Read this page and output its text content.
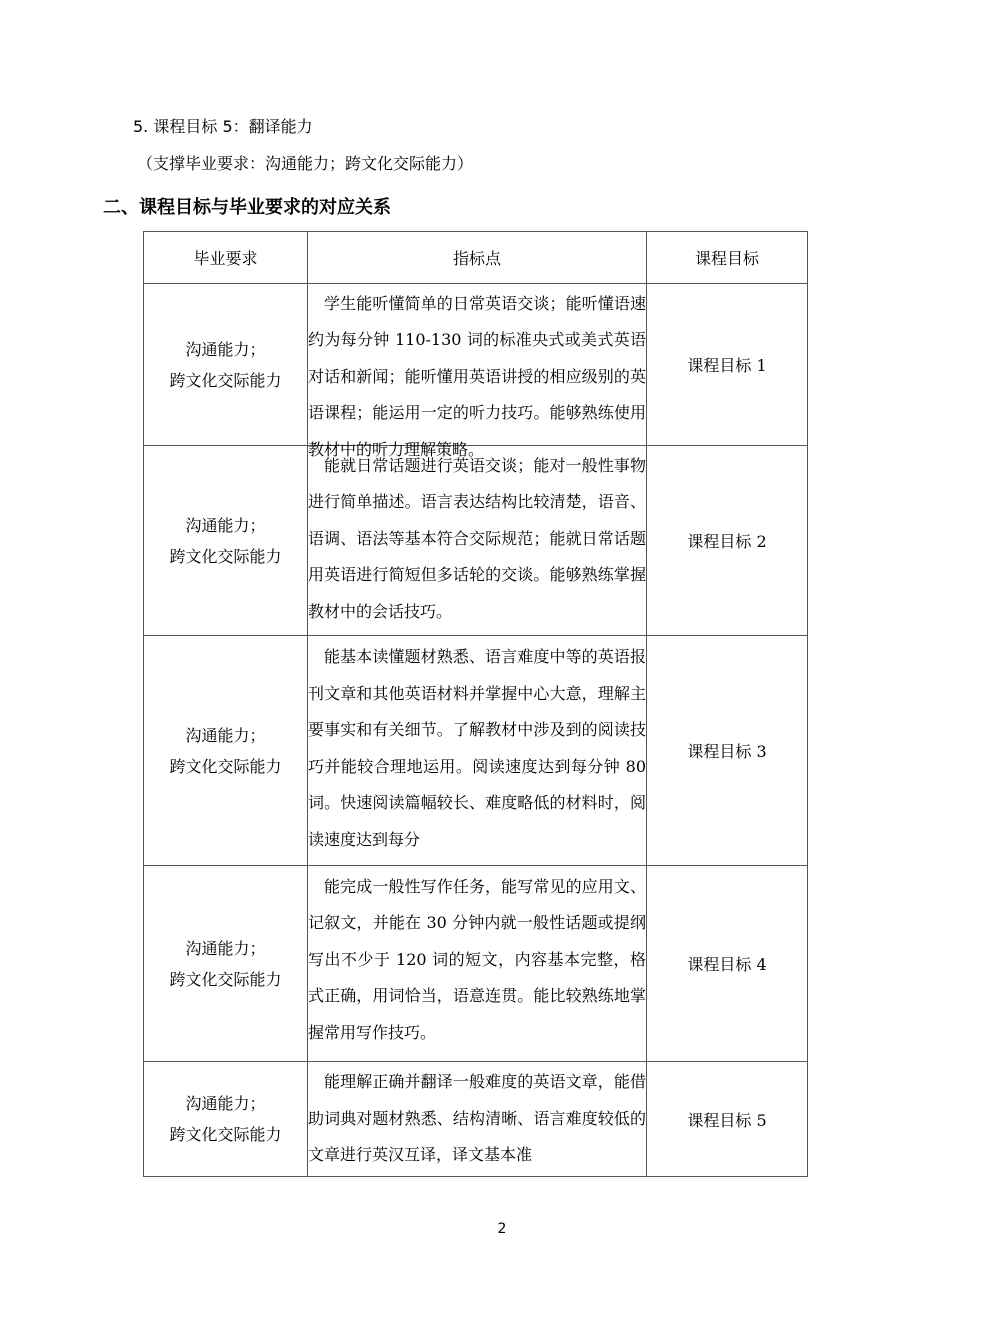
5. 课程目标 5：翻译能力
（支撑毕业要求：沟通能力；跨文化交际能力）
二、课程目标与毕业要求的对应关系
毕业要求	指标点	课程目标

沟通能力；
跨文化交际能力	学生能听懂简单的日常英语交谈；能听懂语速约为每分钟 110-130 词的标准央式或美式英语对话和新闻；能听懂用英语讲授的相应级别的英语课程；能运用一定的听力技巧。能够熟练使用教材中的听力理解策略。	课程目标 1

沟通能力；
跨文化交际能力	能就日常话题进行英语交谈；能对一般性事物进行简单描述。语言表达结构比较清楚，语音、语调、语法等基本符合交际规范；能就日常话题用英语进行简短但多话轮的交谈。能够熟练掌握教材中的会话技巧。	课程目标 2

沟通能力；
跨文化交际能力	能基本读懂题材熟悉、语言难度中等的英语报刊文章和其他英语材料并掌握中心大意，理解主要事实和有关细节。了解教材中涉及到的阅读技巧并能较合理地运用。阅读速度达到每分钟 80 词。快速阅读篇幅较长、难度略低的材料时，阅读速度达到每分	课程目标 3

沟通能力；
跨文化交际能力	能完成一般性写作任务，能写常见的应用文、记叙文，并能在 30 分钟内就一般性话题或提纲写出不少于 120 词的短文，内容基本完整，格式正确，用词恰当，语意连贯。能比较熟练地掌握常用写作技巧。	课程目标 4

沟通能力；
跨文化交际能力	能理解正确并翻译一般难度的英语文章，能借助词典对题材熟悉、结构清晰、语言难度较低的文章进行英汉互译，译文基本准	课程目标 5
2
